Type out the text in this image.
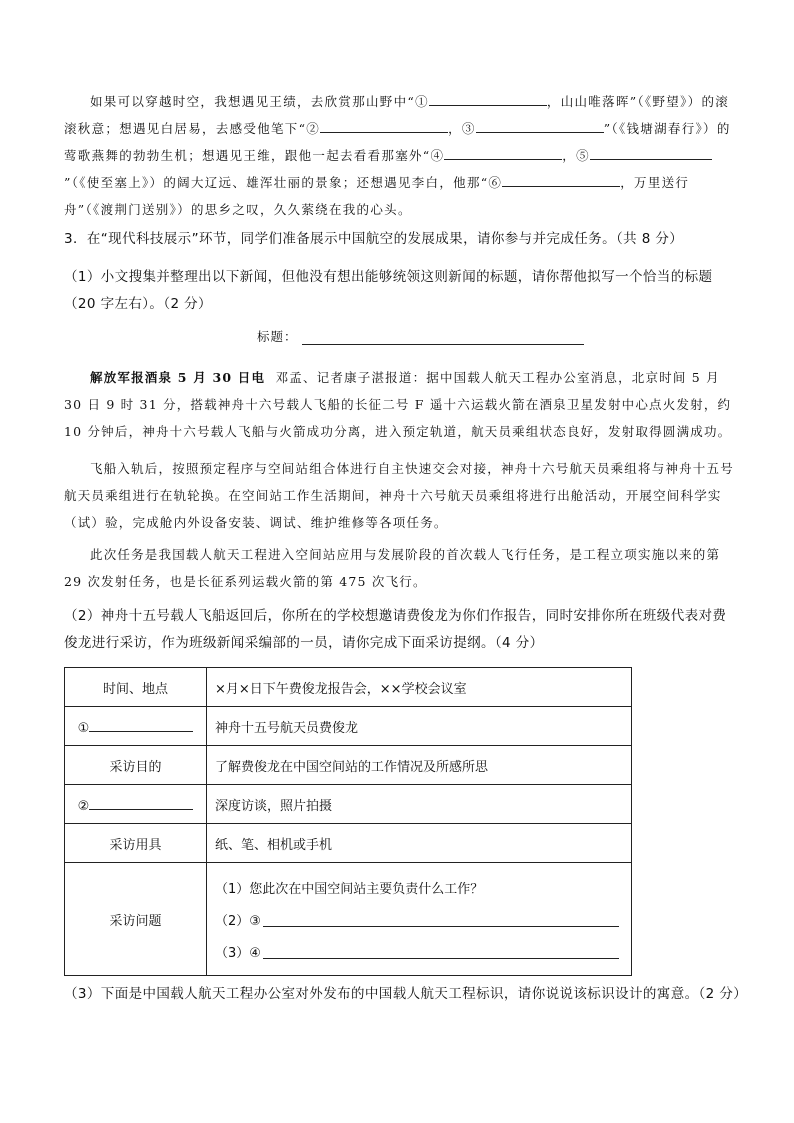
如果可以穿越时空，我想遇见王绩，去欣赏那山野中“①	，山山唯落晖”（《野望》）的滚滚秋意；想遇见白居易，去感受他笔下“②	，③	”（《钱塘湖春行》）的莺歌燕舞的勃勃生机；想遇见王维，跟他一起去看看那塞外“④	，⑤”（《使至塞上》）的阔大辽远、雄浑壮丽的景象；还想遇见李白，他那“⑥	，万里送行舟”（《渡荆门送别》）的思乡之叹，久久萦绕在我的心头。
3．在“现代科技展示”环节，同学们准备展示中国航空的发展成果，请你参与并完成任务。（共 8 分）
（1）小文搜集并整理出以下新闻，但他没有想出能够统领这则新闻的标题，请你帮他拟写一个恰当的标题（20 字左右）。（2 分）
标题：
解放军报酒泉 5 月 30 日电 邓孟、记者康子湛报道：据中国载人航天工程办公室消息，北京时间 5 月 30 日 9 时 31 分，搭载神舟十六号载人飞船的长征二号 F 遥十六运载火箭在酒泉卫星发射中心点火发射，约 10 分钟后，神舟十六号载人飞船与火箭成功分离，进入预定轨道，航天员乘组状态良好，发射取得圆满成功。
飞船入轨后，按照预定程序与空间站组合体进行自主快速交会对接，神舟十六号航天员乘组将与神舟十五号航天员乘组进行在轨轮换。在空间站工作生活期间，神舟十六号航天员乘组将进行出舱活动，开展空间科学实（试）验，完成舱内外设备安装、调试、维护维修等各项任务。
此次任务是我国载人航天工程进入空间站应用与发展阶段的首次载人飞行任务，是工程立项实施以来的第 29 次发射任务，也是长征系列运载火箭的第 475 次飞行。
（2）神舟十五号载人飞船返回后，你所在的学校想邀请费俊龙为你们作报告，同时安排你所在班级代表对费俊龙进行采访，作为班级新闻采编部的一员，请你完成下面采访提纲。（4 分）
时间、地点	×月×日下午费俊龙报告会，××学校会议室
①	神舟十五号航天员费俊龙
采访目的	了解费俊龙在中国空间站的工作情况及所感所思
②	深度访谈，照片拍摄
采访用具	纸、笔、相机或手机
采访问题	（1）您此次在中国空间站主要负责什么工作？
（2）③
（3）④
（3）下面是中国载人航天工程办公室对外发布的中国载人航天工程标识，请你说说该标识设计的寓意。（2 分）
